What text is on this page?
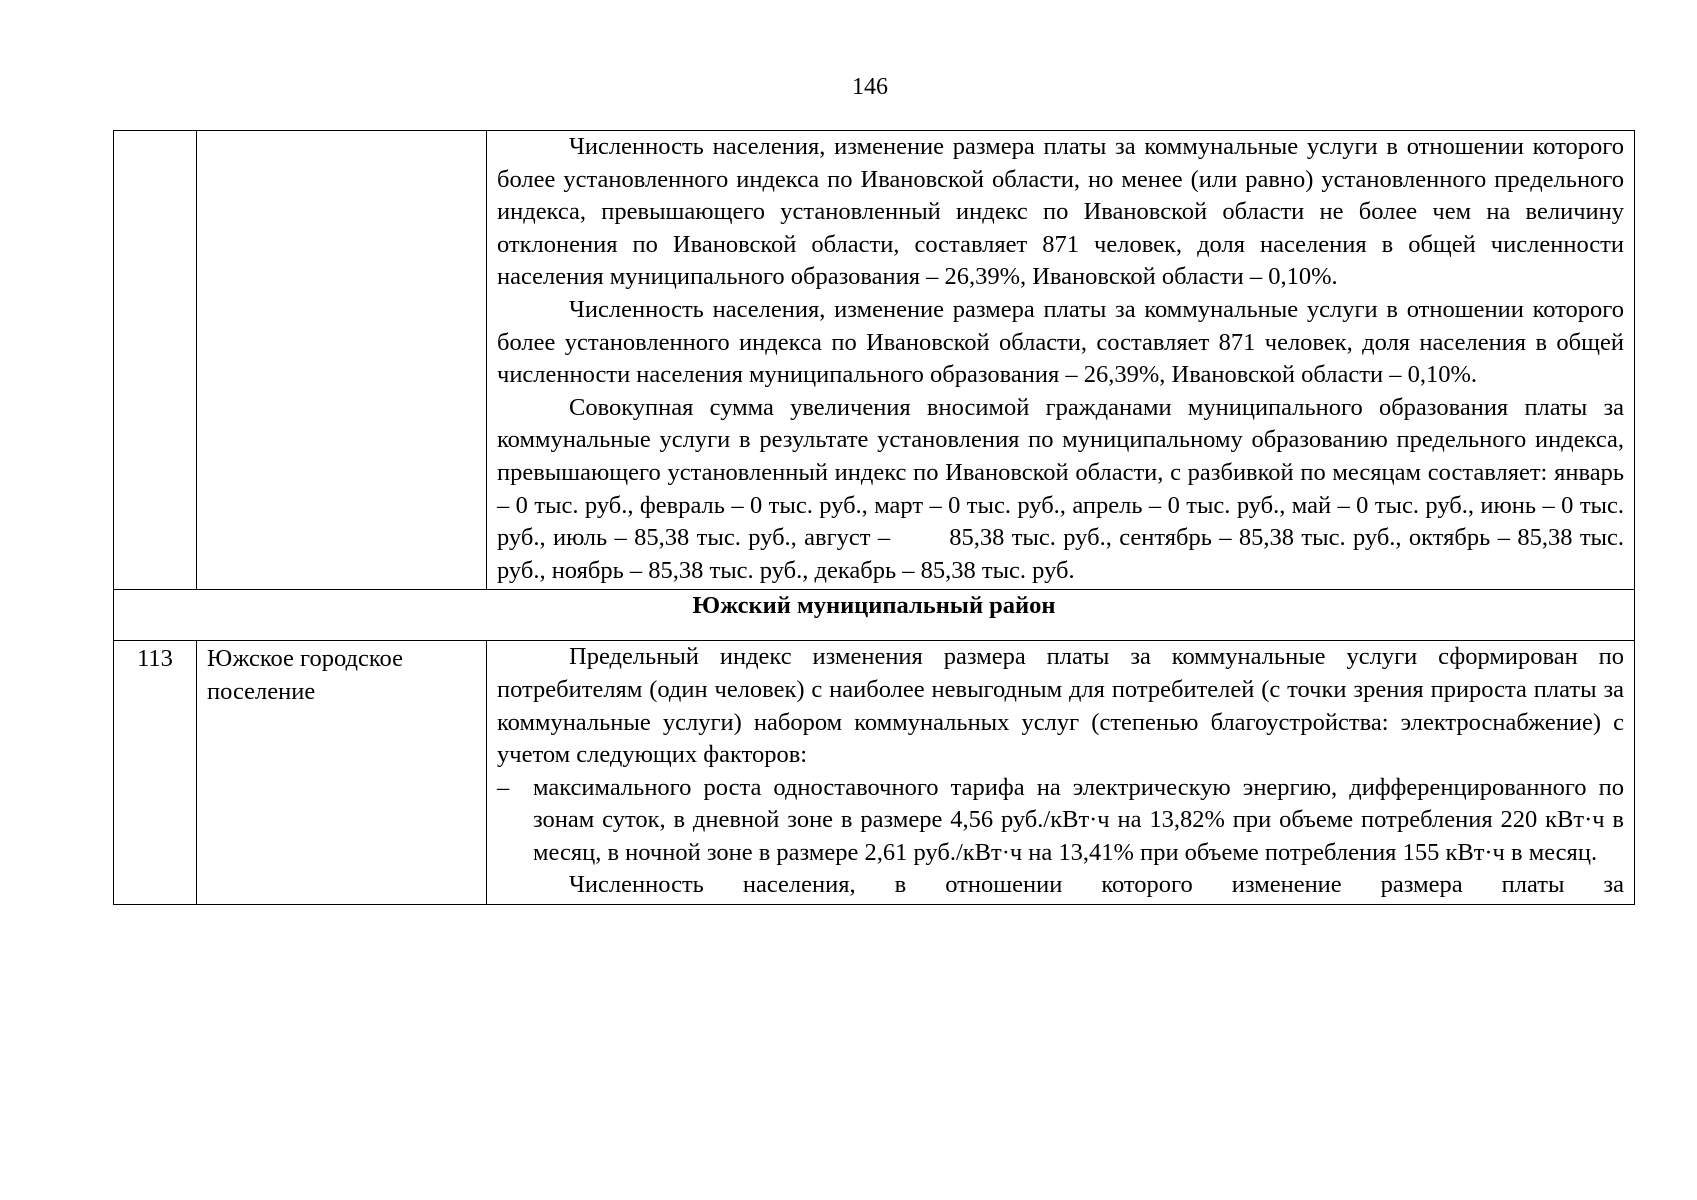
146

		Численность населения, изменение размера платы за коммунальные услуги в отношении которого более установленного индекса по Ивановской области, но менее (или равно) установленного предельного индекса, превышающего установленный индекс по Ивановской области не более чем на величину отклонения по Ивановской области, составляет 871 человек, доля населения в общей численности населения муниципального образования – 26,39%, Ивановской области – 0,10%.

Численность населения, изменение размера платы за коммунальные услуги в отношении которого более установленного индекса по Ивановской области, составляет 871 человек, доля населения в общей численности населения муниципального образования – 26,39%, Ивановской области – 0,10%.

Совокупная сумма увеличения вносимой гражданами муниципального образования платы за коммунальные услуги в результате установления по муниципальному образованию предельного индекса, превышающего установленный индекс по Ивановской области, с разбивкой по месяцам составляет: январь – 0 тыс. руб., февраль – 0 тыс. руб., март – 0 тыс. руб., апрель – 0 тыс. руб., май – 0 тыс. руб., июнь – 0 тыс. руб., июль – 85,38 тыс. руб., август –        85,38 тыс. руб., сентябрь – 85,38 тыс. руб., октябрь – 85,38 тыс. руб., ноябрь – 85,38 тыс. руб., декабрь – 85,38 тыс. руб.

Южский муниципальный район		
113	Южское городское поселение	Предельный индекс изменения размера платы за коммунальные услуги сформирован по потребителям (один человек) с наиболее невыгодным для потребителей (с точки зрения прироста платы за коммунальные услуги) набором коммунальных услуг (степенью благоустройства: электроснабжение) с учетом следующих факторов:

– максимального роста одноставочного тарифа на электрическую энергию, дифференцированного по зонам суток, в дневной зоне в размере 4,56 руб./кВт·ч на 13,82% при объеме потребления 220 кВт·ч в месяц, в ночной зоне в размере 2,61 руб./кВт·ч на 13,41% при объеме потребления 155 кВт·ч в месяц.

Численность населения, в отношении которого изменение размера платы за
